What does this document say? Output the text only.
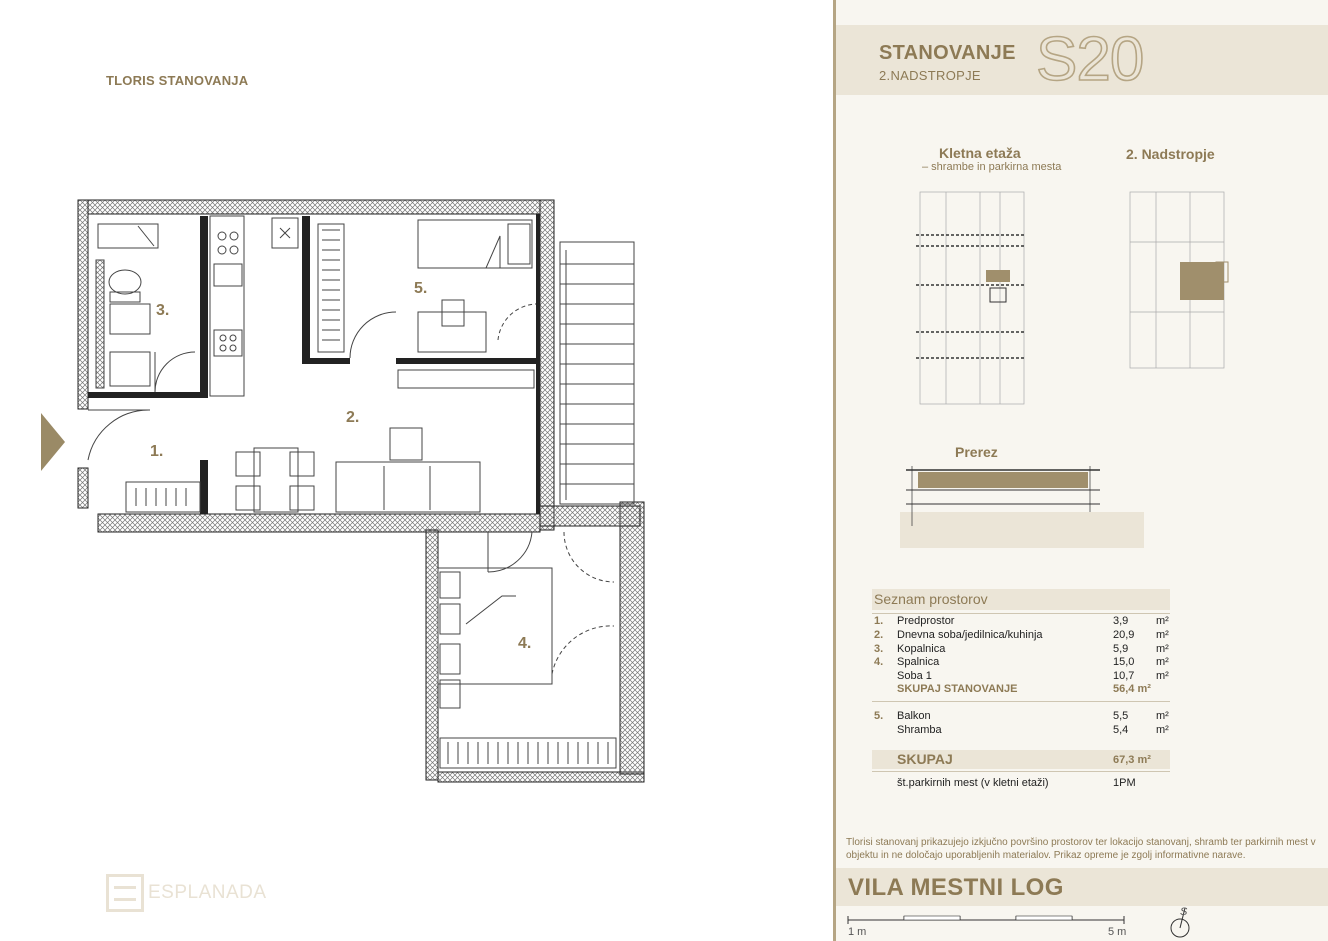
TLORIS STANOVANJA
1.
2.
3.
4.
5.
ESPLANADA
STANOVANJE
2.NADSTROPJE S20
Kletna etaža
– shrambe in parkirna mesta
2. Nadstropje
Prerez
Seznam prostorov
1. Predprostor	3,9	m²
2. Dnevna soba/jedilnica/kuhinja	20,9	m²
3. Kopalnica	5,9	m²
4. Spalnica	15,0	m²
Soba 1	10,7	m²
SKUPAJ STANOVANJE	56,4 m²
5. Balkon	5,5	m²
Shramba	5,4	m²
SKUPAJ	67,3 m²
št.parkirnih mest (v kletni etaži)	1PM
Tlorisi stanovanj prikazujejo izkjučno površino prostorov ter lokacijo stanovanj, shramb ter parkirnih mest v objektu in ne določajo uporabljenih materialov. Prikaz opreme je zgolj informativne narave.
VILA MESTNI LOG
1 m	5 m
S
